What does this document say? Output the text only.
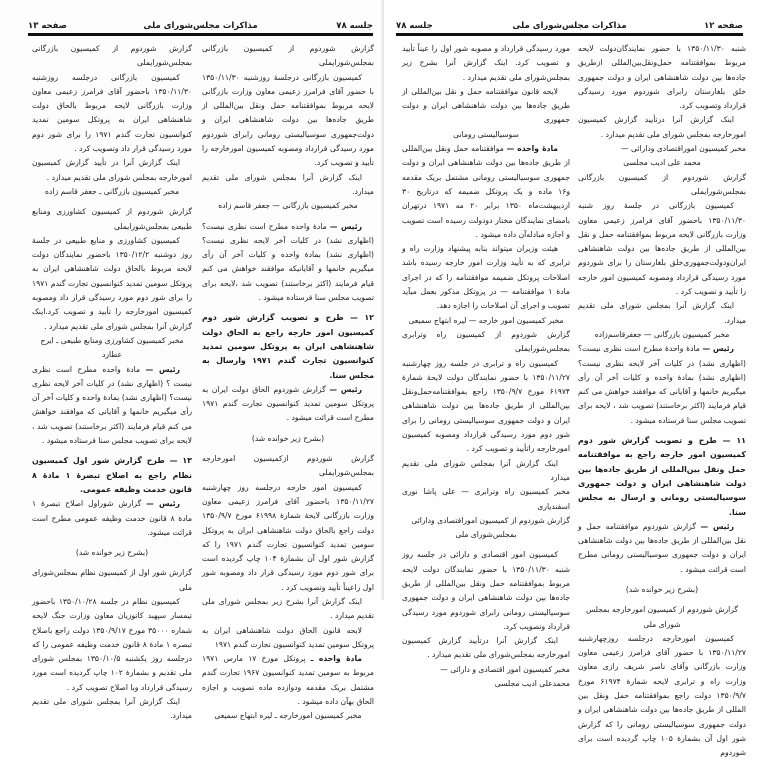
جلسه ۷۸
مذاکرات مجلس‌شورای ملی
صفحه ۱۳

گزارش شوردوم از کمیسیون بازرگانی بمجلس‌شورایملی

کمیسیون بازرگانی درجلسهٔ روزشنبه ۱۳۵۰/۱۱/۳۰ با حضور آقای فرامرز زعیمی معاون وزارت بازرگانی لایحه مربوط بموافقتنامه حمل ونقل بین‌المللی از طریق جاده‌ها بین دولت شاهنشاهی ایران و دولت‌جمهوری سوسیالیستی رومانی رابرای شوردوم مورد رسیدگی قرارداد ومصوبه کمیسیون امورخارجه را تأیید و تصویب کرد.

اینک گزارش آنرا بمجلس شورای ملی تقدیم میدارد.

مخبر کمیسیون بازرگانی — جعفر قاسم زاده

رئیس — مادهٔ واحده مطرح است نظری نیست؟ (اظهاری نشد) در کلیات آخر لایحه نظری نیست؟ (اظهاری نشد) بمادهٔ واحده و کلیات آخر آن رأی میگیریم خانمها و آقایانیکه موافقند خواهش می کنم قیام فرمایند (اکثر برخاستند) تصویب شد ،لایحه برای تصویب مجلس سنا فرستاده میشود .

۱۲ — طرح و تصویب گزارش شور دوم کمیسیون امور خارجه راجع به الحاق دولت شاهنشاهی ایران به پروتکل سومین تمدید کنوانسیون تجارت گندم ۱۹۷۱ وارسال به مجلس سنا.

رئیس — گزارش شوردوم الحاق دولت ایران به پروتکل سومین تمدید کنوانسیون تجارت گندم ۱۹۷۱ مطرح است قرائت میشود .

(بشرح زیر خوانده شد)

گزارش شوردوم ازکمیسیون امورخارجه بمجلس‌شورایملی

کمیسیون امور خارجه درجلسه روز چهارشنبه ۱۳۵۰/۱۱/۲۷ باحضور آقای فرامرز زعیمی معاون وزارت بازرگانی لایحهٔ شمارهٔ ۶۱۹۹۸ مورخ ۱۳۵۰/۹/۷ دولت راجع بالحاق دولت شاهنشاهی ایران به پروتکل سومین تمدید کنوانسیون تجارت گندم ۱۹۷۱ را که گزارش شور اول آن بشمارهٔ ۱۰۴ چاپ گردیده است برای شور دوم مورد رسیدگی قرار داد ومصوبه شور اول راعیناً تأیید وتصویب کرد .

اینک گزارش آنرا بشرح زیر بمجلس شورای ملی تقدیم میدارد .

لایحه قانون الحاق دولت شاهنشاهی ایران به پروتکل سومین تمدید کنوانسیون تجارت گندم ۱۹۷۱

مادهٔ واحده ـ پروتکل مورخ ۱۷ مارس ۱۹۷۱ مربوط به سومین تمدید کنوانسیون ۱۹۶۷ تجارت گندم مشتمل بریک مقدمه ودوازده ماده تصویب و اجازه الحاق بهآن داده میشود .

مخبر کمیسیون امورخارجه ـ لیره ابتهاج سمیعی

گزارش شوردوم از کمیسیون بازرگانی بمجلس‌شورایملی

کمیسیون بازرگانی درجلسه روزشنبه ۱۳۵۰/۱۱/۳۰ باحضور آقای فرامرز زعیمی معاون وزارت بازرگانی لایحه مربوط بالحاق دولت شاهنشاهی ایران به پروتکل سومین تمدید کنوانسیون تجارت گندم ۱۹۷۱ را برای شور دوم مورد رسیدگی قرار داد وتصویب کرد .

اینک گزارش آنرا در تأیید گزارش کمیسیون امورخارجه بمجلس شورای ملی تقدیم میدارد .

مخبر کمیسیون بازرگانی ـ جعفر قاسم زاده

گزارش شوردوم از کمیسیون کشاورزی ومنابع طبیعی بمجلس‌شورایملی

کمیسیون کشاورزی و منابع طبیعی در جلسهٔ روز دوشنبه ۱۳۵۰/۱۲/۲ باحضور نمایندگان دولت لایحه مربوط بالحاق دولت شاهنشاهی ایران به پروتکل سومین تمدید کنوانسیون تجارت گندم ۱۹۷۱ را برای شور دوم مورد رسیدگی قرار داد ومصوبه کمیسیون امورخارجه را تأیید و تصویب کرد.اینک گزارش آنرا بمجلس شورای ملی تقدیم میدارد .

مخبر کمیسیون کشاورزی ومنابع طبیعی ـ ایرج عطارد

رئیس — مادهٔ واحده مطرح است نظری نیست ؟ (اظهاری نشد) در کلیات آخر لایحه نظری نیست؟ (اظهاری نشد) بمادهٔ واحده و کلیات آخر آن رأی میگیریم خانمها و آقایانی که موافقند خواهش می کنم قیام فرمایند (اکثر برخاستند) تصویب شد ، لایحه برای تصویب مجلس سنا فرستاده میشود .

۱۳ — طرح گزارش شور اول کمیسیون نظام راجع به اصلاح تبصرهٔ ۱ مادهٔ ۸ قانون خدمت وظیفه عمومی.

رئیس — گزارش شوراول اصلاح تبصرهٔ ۱ مادهٔ ۸ قانون خدمت وظیفه عمومی مطرح است قرائت میشود.

(بشرح زیر خوانده شد)

گزارش شور اول از کمیسیون نظام بمجلس‌شورای ملی

کمیسیون نظام در جلسه ۱۳۵۰/۱۰/۲۸ باحضور تیمسار سپهبد کاتوزیان معاون وزارت جنگ لایحه شماره ۳۵۰۰۰ مورخ ۱۳۵۰/۹/۱۷ دولت راجع باصلاح تبصره ۱ مادهٔ ۸ قانون خدمت وظیفه عمومی را که درجلسه روز یکشنبه ۱۳۵۰/۱۰/۵ بمجلس شورای ملی تقدیم و بشمارهٔ ۱۰۲ چاپ گردیده است مورد رسیدگی قرارداد وبا اصلاح تصویب کرد .

اینک گزارش آنرا بمجلس شورای ملی تقدیم میدارد.

صفحه ۱۲
مذاکرات مجلس‌شورای ملی
جلسه ۷۸

شنبه ۱۳۵۰/۱۱/۳۰ با حضور نمایندگان‌دولت لایحه مربوط بموافقتنامه حمل‌ونقل‌بین‌المللی ازطریق جاده‌ها بین دولت شاهنشاهی ایران و دولت جمهوری خلق بلغارستان رابرای شوردوم مورد رسیدگی قرارداد وتصویب کرد.

اینک گزارش آنرا درتأیید گزارش کمیسیون امورخارجه بمجلس شورای ملی تقدیم میدارد .

مخبر کمیسیون اموراقتصادی ودارائی —

محمد علی ادیب مجلسی

گزارش شوردوم از کمیسیون بازرگانی بمجلس‌شورایملی

کمیسیون بازرگانی در جلسهٔ روز شنبه ۱۳۵۰/۱۱/۳۰ باحضور آقای فرامرز زعیمی معاون وزارت بازرگانی لایحه مربوط بموافقتنامه حمل و نقل بین‌المللی از طریق جاده‌ها بین دولت شاهنشاهی ایران‌ودولت‌جمهوری‌خلق بلغارستان را برای شوردوم مورد رسیدگی قرارداد ومصوبه کمیسیون امور خارجه را تأیید و تصویب کرد .

اینک گزارش آنرا بمجلس شورای ملی تقدیم میدارد.

مخبر کمیسیون بازرگانی — جعفرقاسم‌زاده

رئیس — مادهٔ واحدهٔ مطرح است نظری نیست؟ (اظهاری نشد) در کلیات آخر لایحه نظری نیست؟ (اظهاری نشد) بمادهٔ واحده و کلیات آخر آن رأی میگیریم خانمها و آقایانی که موافقند خواهش می کنم قیام فرمایند (اکثر برخاستند) تصویب شد ، لایحه برای تصویب مجلس سنا فرستاده میشود .

۱۱ — طرح و تصویب گزارش شور دوم کمیسیون امور خارجه راجع به موافقتنامه حمل ونقل بین‌المللی از طریق جاده‌ها بین دولت شاهنشاهی ایران و دولت جمهوری سوسیالیستی رومانی و ارسال به مجلس سنا.

رئیس — گزارش شوردوم موافقتنامه حمل و نقل بین‌المللی از طریق جاده‌ها بین دولت شاهنشاهی ایران و دولت جمهوری سوسیالیستی رومانی مطرح است قرائت میشود .

(بشرح زیر خوانده شد)

گزارش شوردوم از کمیسیون امورخارجه بمجلس شورای ملی

کمیسیون امورخارجه درجلسه روزچهارشنبه ۱۳۵۰/۱۱/۲۷ با حضور آقای فرامرز زعیمی معاون وزارت بازرگانی وآقای ناصر شریف رازی معاون وزارت راه و ترابری لایحه شمارهٔ ۶۱۹۷۴ مورخ ۱۳۵۰/۹/۷ دولت راجع بموافقتنامه حمل ونقل بین المللی از طریق جاده‌ها بین دولت شاهنشاهی ایران و دولت جمهوری سوسیالیستی رومانی را که گزارش شور اول آن بشمارهٔ ۱۰۵ چاپ گردیده است برای شوردوم

مورد رسیدگی قرارداد و مصوبه شور اول را عیناً تأیید و تصویب کرد. اینک گزارش آنرا بشرح زیر بمجلس‌شورای ملی تقدیم میدارد .

لایحه قانون موافقتنامه حمل و نقل بین‌المللی از طریق جاده‌ها بین دولت شاهنشاهی ایران و دولت جمهوری

سوسیالیستی رومانی

مادهٔ واحده — موافقتنامه حمل ونقل بین‌المللی از طریق جاده‌ها بین دولت شاهنشاهی ایران و دولت جمهوری سوسیالیستی رومانی مشتمل بریک مقدمه و۱۶ ماده و یک پروتکل ضمیمه که درتاریخ ۳۰ اردیبهشت‌ماه ۱۳۵۰ برابر ۲۰ مه ۱۹۷۱ درتهران بامضای نمایندگان مختار دودولت رسیده است تصویب و اجازه مبادله‌آن داده میشود .

هیئت وزیران میتواند بنابه پیشنهاد وزارت راه و ترابری که به تأیید وزارت امور خارجه رسیده باشد اصلاحات پروتکل ضمیمه موافقتنامه را که در اجرای مادهٔ ۱ موافقتنامه — در پروتکل مذکور بعمل میآید تصویب و اجرای آن اصلاحات را اجازه دهد.

مخبر کمیسیون امور خارجه — لیره ابتهاج سمیعی

گزارش شوردوم از کمیسیون راه وترابری بمجلس‌شورایملی

کمیسیون راه و ترابری در جلسه روز چهارشنبه ۱۳۵۰/۱۱/۲۷ با حضور نمایندگان دولت لایحهٔ شمارهٔ ۶۱۹۷۴ مورخ ۱۳۵۰/۹/۷ راجع بموافقتنامه‌حمل‌ونقل بین‌المللی از طریق جاده‌ها بین دولت شاهنشاهی ایران و دولت جمهوری سوسیالیستی رومانی را برای شور دوم مورد رسیدگی قرارداد ومصوبه کمیسیون امورخارجه راتأیید و تصویب کرد .

اینک گزارش آنرا بمجلس شورای ملی تقدیم میدارد

مخبر کمیسیون راه وترابری — علی پاشا نوری اسفندیاری

گزارش شوردوم از کمیسیون اموراقتصادی ودارائی

بمجلس‌شورای ملی

کمیسیون امور اقتصادی و دارائی در جلسه روز شنبه ۱۳۵۰/۱۱/۳۰ با حضور نمایندگان دولت لایحه مربوط بموافقتنامه حمل ونقل بین‌المللی از طریق جاده‌ها بین دولت شاهنشاهی ایران و دولت جمهوری سوسیالیستی رومانی رابرای شوردوم مورد رسیدگی قرارداد وتصویب کرد.

اینک گزارش آنرا درتأیید گزارش کمیسیون امورخارجه بمجلس‌شورای ملی تقدیم میدارد .

مخبر کمیسیون امور اقتصادی و دارائی —

محمدعلی ادیب مجلسی
